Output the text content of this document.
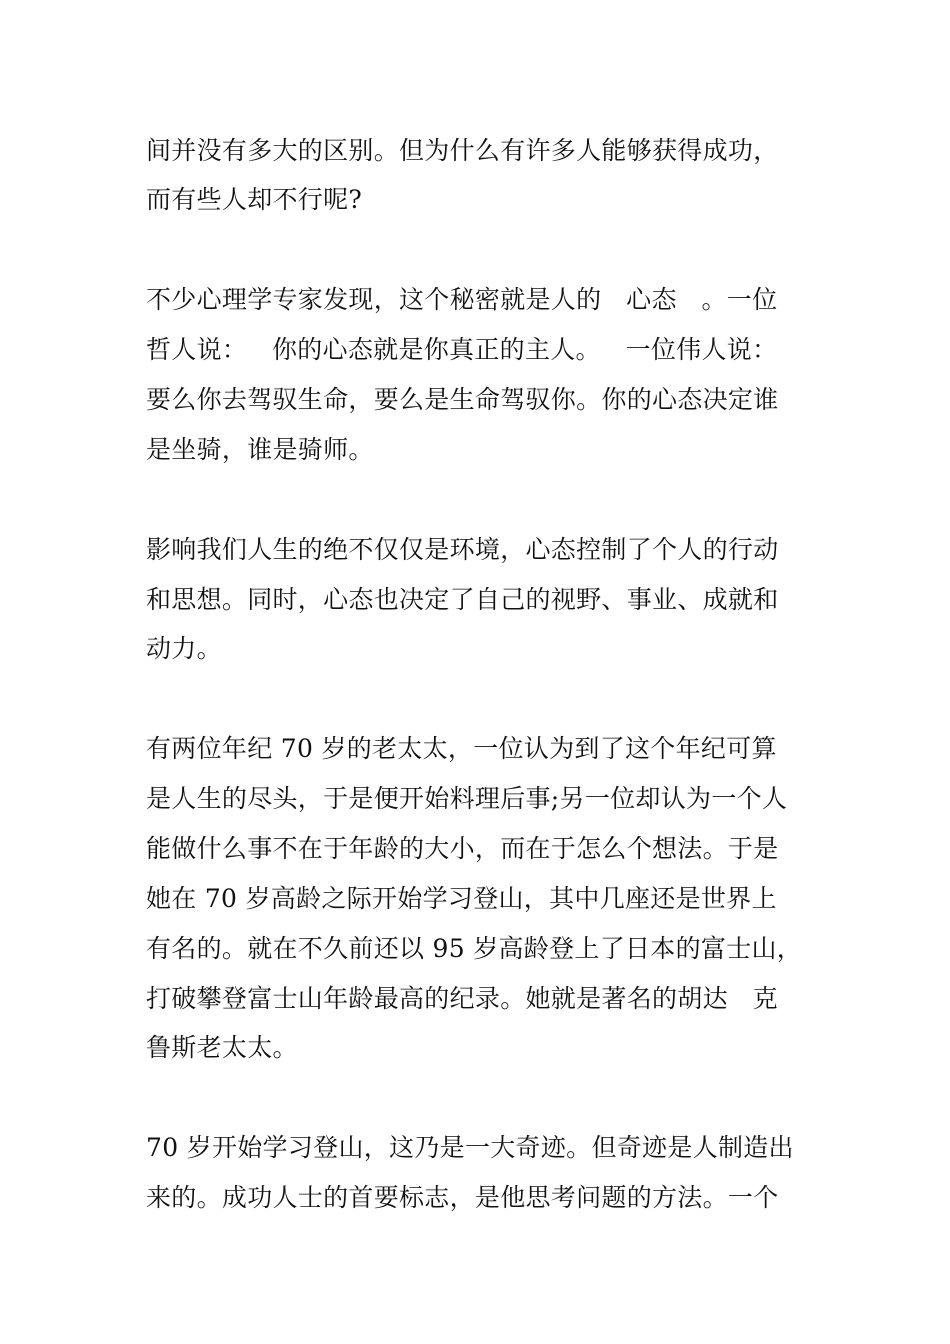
间并没有多大的区别。但为什么有许多人能够获得成功，
而有些人却不行呢?
不少心理学专家发现，这个秘密就是人的   心态   。一位
哲人说：   你的心态就是你真正的主人。   一位伟人说：
要么你去驾驭生命，要么是生命驾驭你。你的心态决定谁
是坐骑，谁是骑师。
影响我们人生的绝不仅仅是环境，心态控制了个人的行动
和思想。同时，心态也决定了自己的视野、事业、成就和
动力。
有两位年纪 70 岁的老太太，一位认为到了这个年纪可算
是人生的尽头，于是便开始料理后事;另一位却认为一个人
能做什么事不在于年龄的大小，而在于怎么个想法。于是
她在 70 岁高龄之际开始学习登山，其中几座还是世界上
有名的。就在不久前还以 95 岁高龄登上了日本的富士山，
打破攀登富士山年龄最高的纪录。她就是著名的胡达   克
鲁斯老太太。
70 岁开始学习登山，这乃是一大奇迹。但奇迹是人制造出
来的。成功人士的首要标志，是他思考问题的方法。一个
